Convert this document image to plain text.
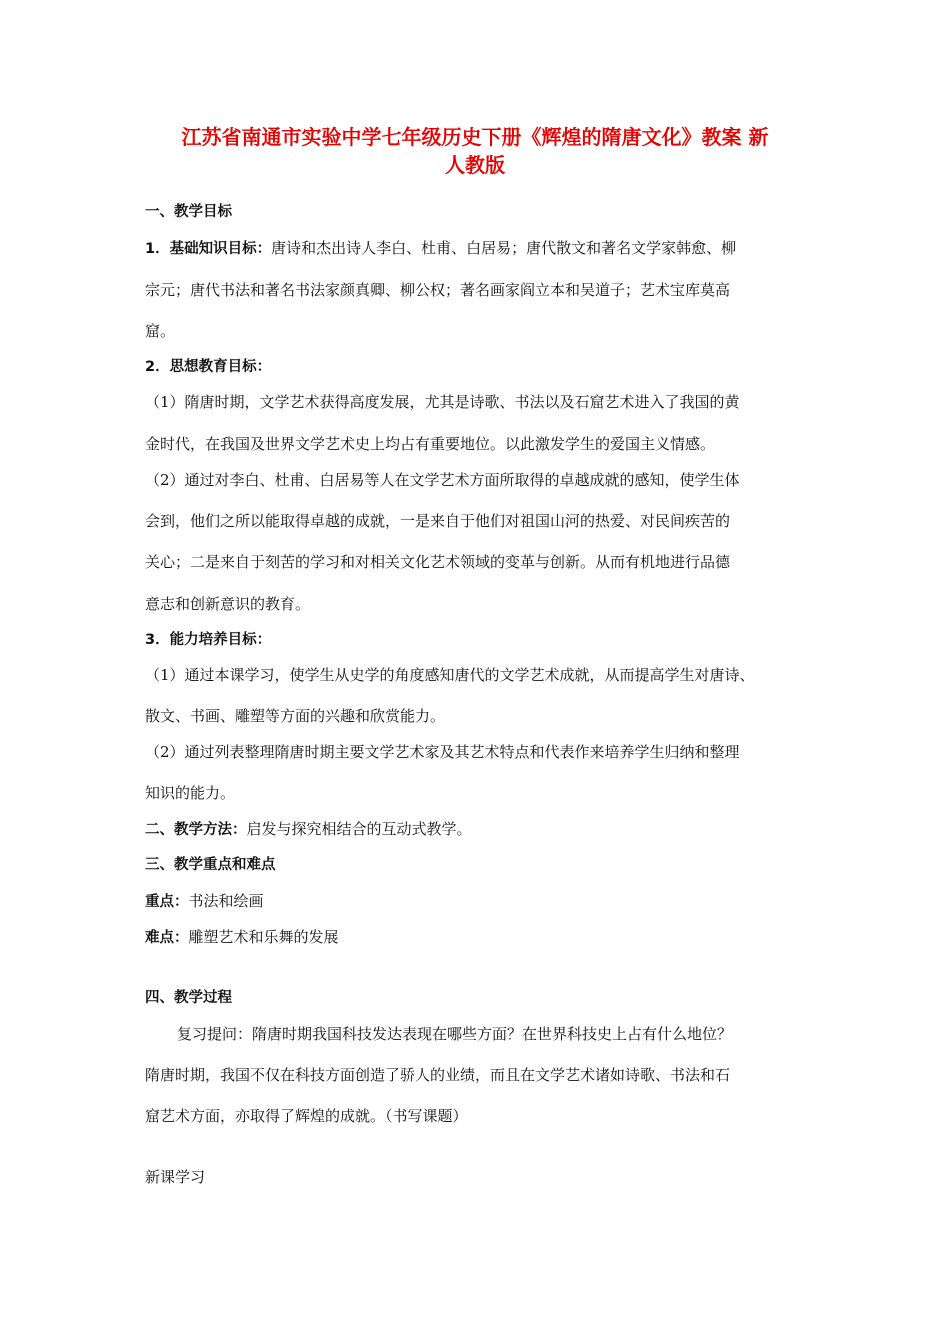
江苏省南通市实验中学七年级历史下册《辉煌的隋唐文化》教案 新
人教版
一、教学目标
1．基础知识目标：唐诗和杰出诗人李白、杜甫、白居易；唐代散文和著名文学家韩愈、柳
宗元；唐代书法和著名书法家颜真卿、柳公权；著名画家阎立本和吴道子；艺术宝库莫高
窟。
2．思想教育目标：
（1）隋唐时期，文学艺术获得高度发展，尤其是诗歌、书法以及石窟艺术进入了我国的黄
金时代，在我国及世界文学艺术史上均占有重要地位。以此激发学生的爱国主义情感。
（2）通过对李白、杜甫、白居易等人在文学艺术方面所取得的卓越成就的感知，使学生体
会到，他们之所以能取得卓越的成就，一是来自于他们对祖国山河的热爱、对民间疾苦的
关心；二是来自于刻苦的学习和对相关文化艺术领域的变革与创新。从而有机地进行品德
意志和创新意识的教育。
3．能力培养目标：
（1）通过本课学习，使学生从史学的角度感知唐代的文学艺术成就，从而提高学生对唐诗、
散文、书画、雕塑等方面的兴趣和欣赏能力。
（2）通过列表整理隋唐时期主要文学艺术家及其艺术特点和代表作来培养学生归纳和整理
知识的能力。
二、教学方法：启发与探究相结合的互动式教学。
三、教学重点和难点
重点：书法和绘画
难点：雕塑艺术和乐舞的发展
四、教学过程
复习提问：隋唐时期我国科技发达表现在哪些方面？在世界科技史上占有什么地位？
隋唐时期，我国不仅在科技方面创造了骄人的业绩，而且在文学艺术诸如诗歌、书法和石
窟艺术方面，亦取得了辉煌的成就。（书写课题）
新课学习
